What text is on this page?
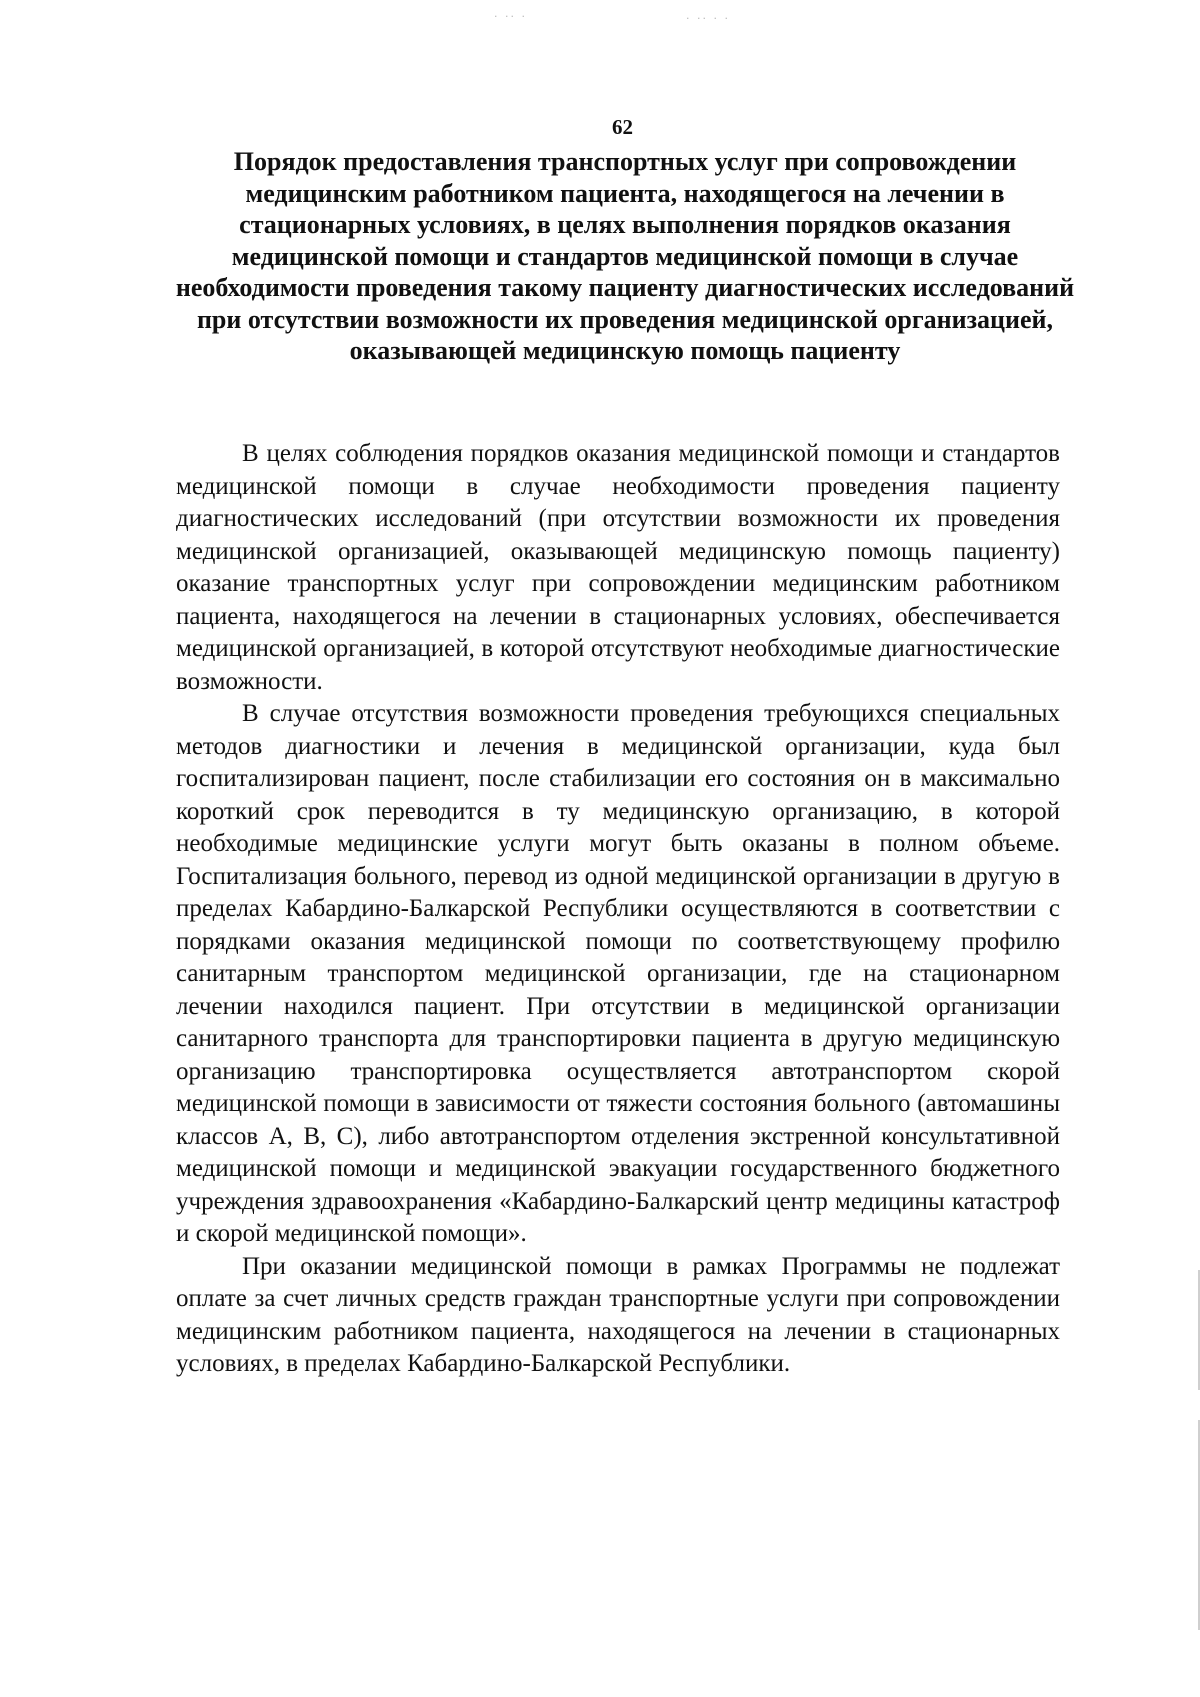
· ·· ·	· ·· · ·
62
Порядок предоставления транспортных услуг при сопровождении медицинским работником пациента, находящегося на лечении в стационарных условиях, в целях выполнения порядков оказания медицинской помощи и стандартов медицинской помощи в случае необходимости проведения такому пациенту диагностических исследований при отсутствии возможности их проведения медицинской организацией, оказывающей медицинскую помощь пациенту

В целях соблюдения порядков оказания медицинской помощи и стандартов медицинской помощи в случае необходимости проведения пациенту диагностических исследований (при отсутствии возможности их проведения медицинской организацией, оказывающей медицинскую помощь пациенту) оказание транспортных услуг при сопровождении медицинским работником пациента, находящегося на лечении в стационарных условиях, обеспечивается медицинской организацией, в которой отсутствуют необходимые диагностические возможности.

В случае отсутствия возможности проведения требующихся специальных методов диагностики и лечения в медицинской организации, куда был госпитализирован пациент, после стабилизации его состояния он в максимально короткий срок переводится в ту медицинскую организацию, в которой необходимые медицинские услуги могут быть оказаны в полном объеме. Госпитализация больного, перевод из одной медицинской организации в другую в пределах Кабардино-Балкарской Республики осуществляются в соответствии с порядками оказания медицинской помощи по соответствующему профилю санитарным транспортом медицинской организации, где на стационарном лечении находился пациент. При отсутствии в медицинской организации санитарного транспорта для транспортировки пациента в другую медицинскую организацию транспортировка осуществляется автотранспортом скорой медицинской помощи в зависимости от тяжести состояния больного (автомашины классов А, В, С), либо автотранспортом отделения экстренной консультативной медицинской помощи и медицинской эвакуации государственного бюджетного учреждения здравоохранения «Кабардино-Балкарский центр медицины катастроф и скорой медицинской помощи».

При оказании медицинской помощи в рамках Программы не подлежат оплате за счет личных средств граждан транспортные услуги при сопровождении медицинским работником пациента, находящегося на лечении в стационарных условиях, в пределах Кабардино-Балкарской Республики.
